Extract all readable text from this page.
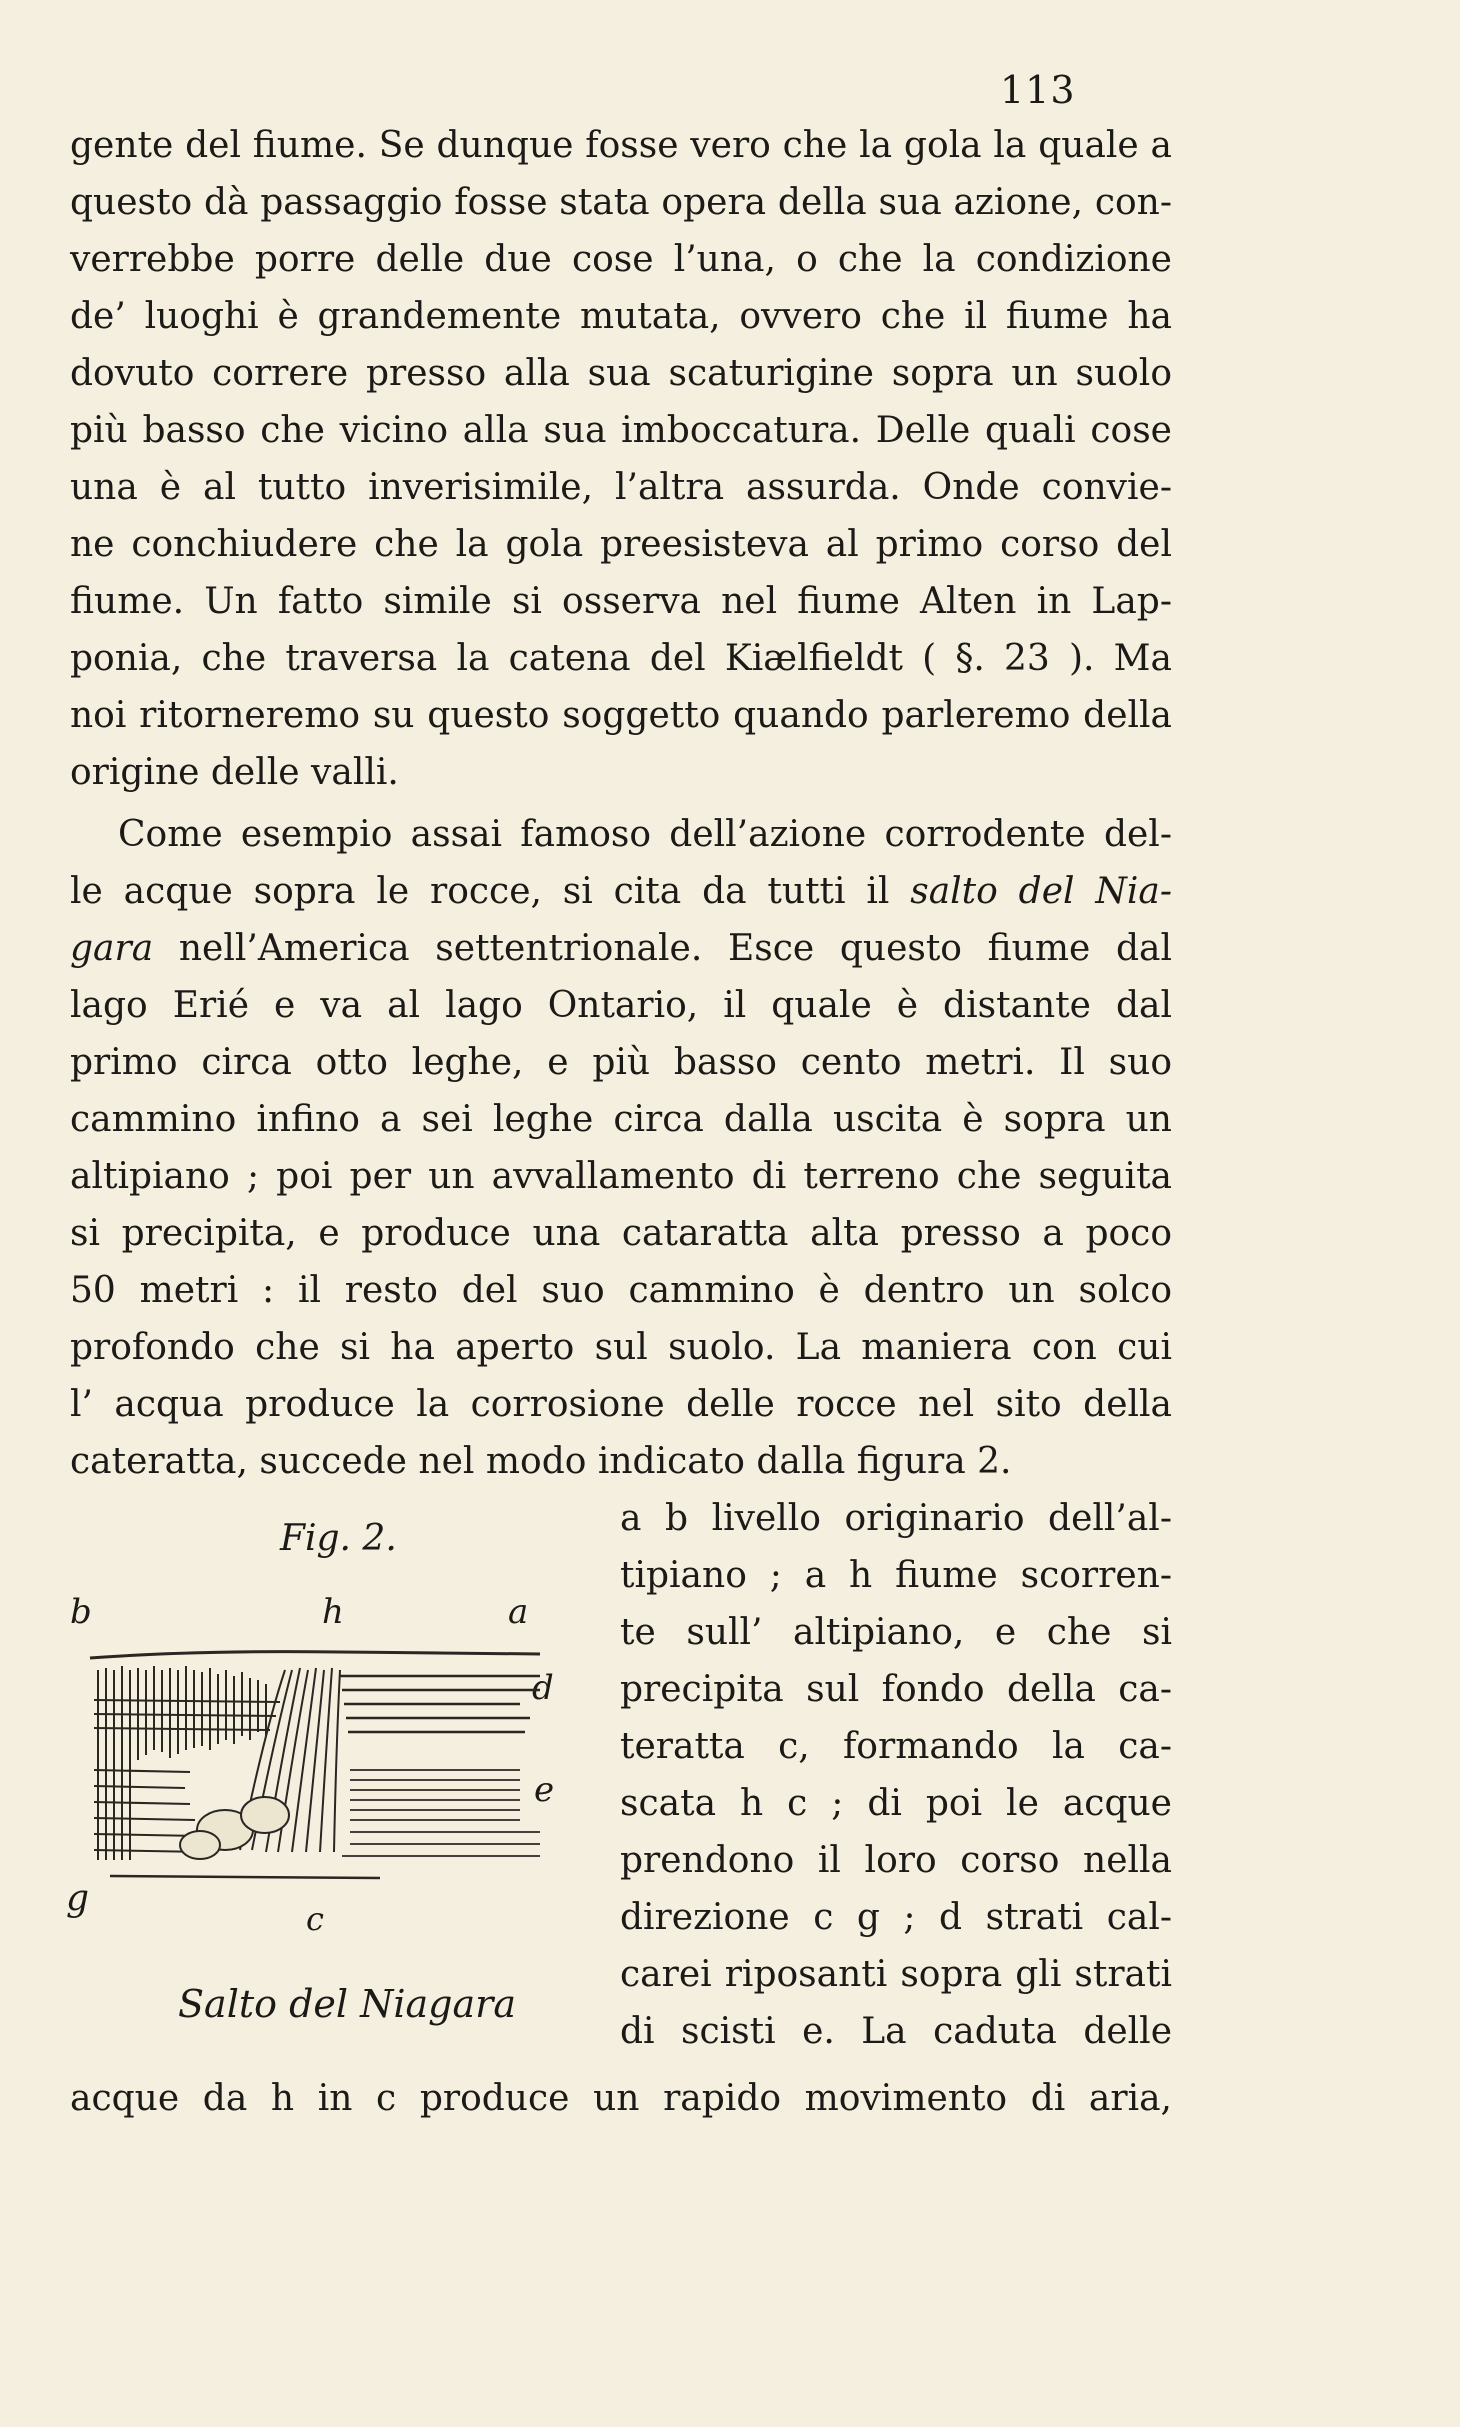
113
gente del fiume. Se dunque fosse vero che la gola la quale a
questo dà passaggio fosse stata opera della sua azione, con-
verrebbe porre delle due cose l’una, o che la condizione
de’ luoghi è grandemente mutata, ovvero che il fiume ha
dovuto correre presso alla sua scaturigine sopra un suolo
più basso che vicino alla sua imboccatura. Delle quali cose
una è al tutto inverisimile, l’altra assurda. Onde convie-
ne conchiudere che la gola preesisteva al primo corso del
fiume. Un fatto simile si osserva nel fiume Alten in Lap-
ponia, che traversa la catena del Kiælfieldt ( §. 23 ). Ma
noi ritorneremo su questo soggetto quando parleremo della
origine delle valli.
Come esempio assai famoso dell’azione corrodente del-
le acque sopra le rocce, si cita da tutti il salto del Nia-
gara nell’America settentrionale. Esce questo fiume dal
lago Erié e va al lago Ontario, il quale è distante dal
primo circa otto leghe, e più basso cento metri. Il suo
cammino infino a sei leghe circa dalla uscita è sopra un
altipiano ; poi per un avvallamento di terreno che seguita
si precipita, e produce una cataratta alta presso a poco
50 metri : il resto del suo cammino è dentro un solco
profondo che si ha aperto sul suolo. La maniera con cui
l’ acqua produce la corrosione delle rocce nel sito della
cateratta, succede nel modo indicato dalla figura 2.
a b livello originario dell’al-
tipiano ; a h fiume scorren-
te sull’ altipiano, e che si
precipita sul fondo della ca-
teratta c, formando la ca-
scata h c ; di poi le acque
prendono il loro corso nella
direzione c g ; d strati cal-
carei riposanti sopra gli strati
di scisti e. La caduta delle
Fig. 2.
b	h	a
d
e
g	c
Salto del Niagara
acque da h in c produce un rapido movimento di aria,
